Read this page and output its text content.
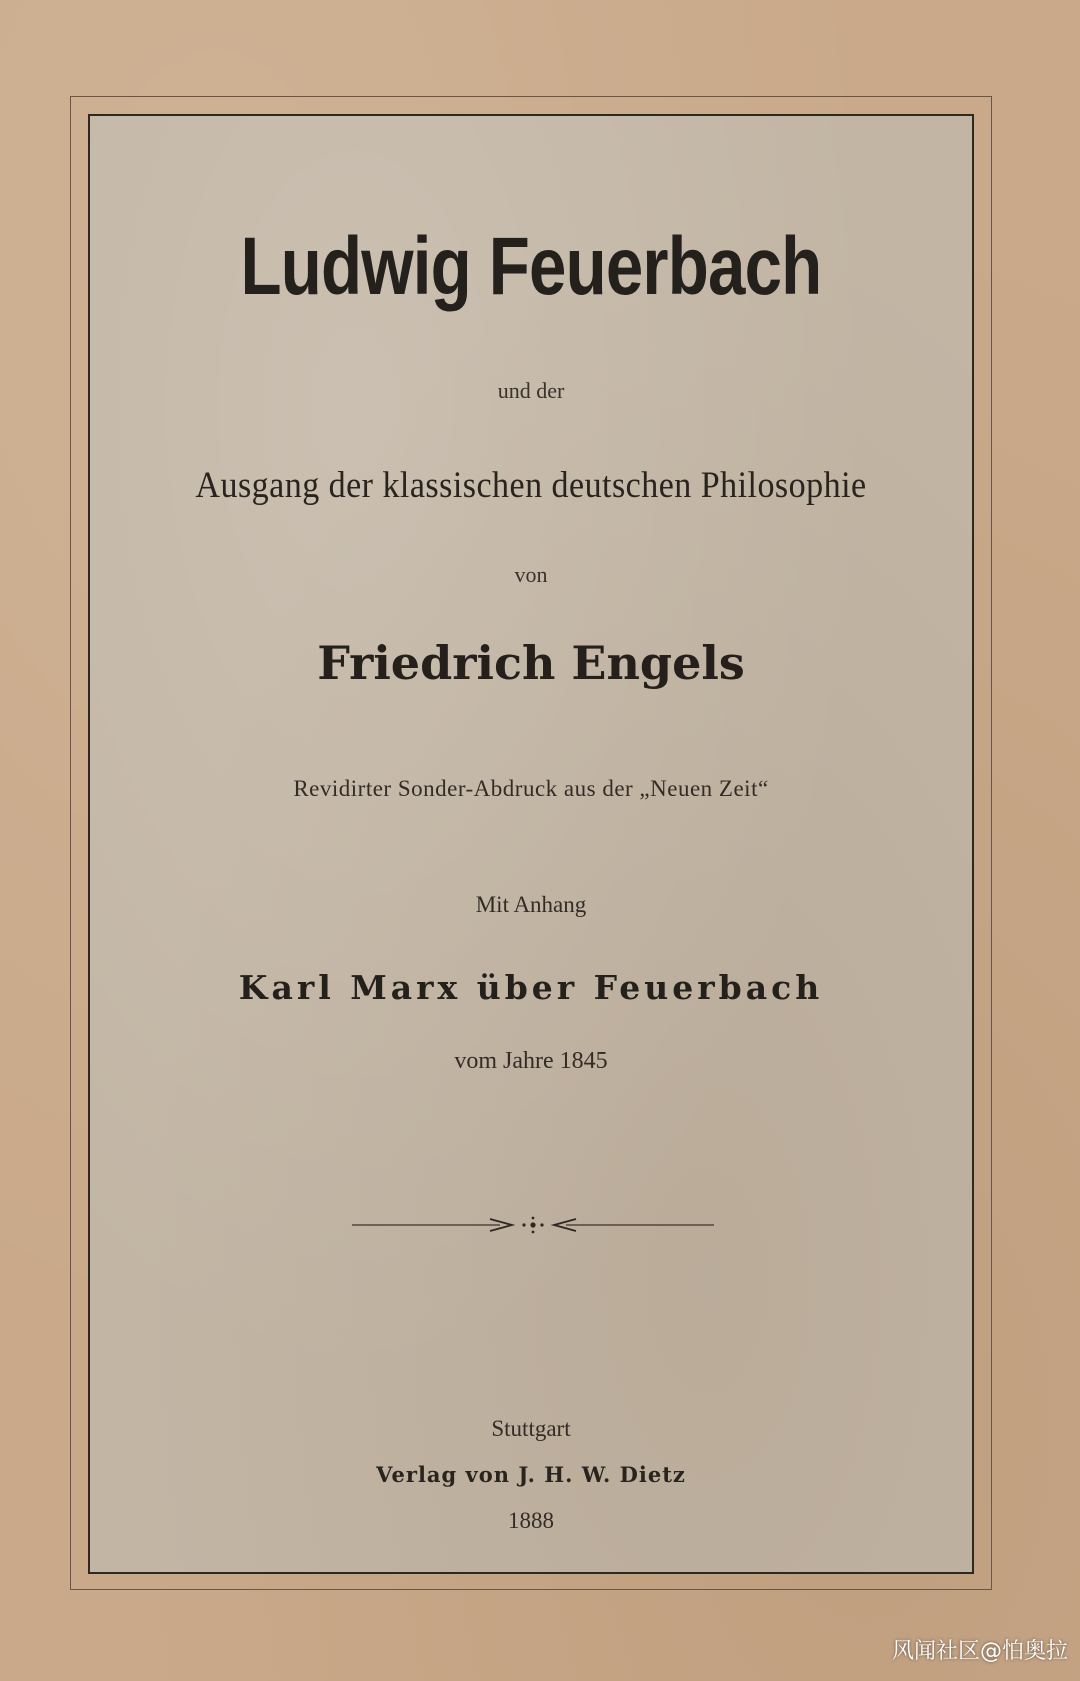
Ludwig Feuerbach
und der
Ausgang der klassischen deutschen Philosophie
von
Friedrich Engels
Revidirter Sonder-Abdruck aus der „Neuen Zeit“
Mit Anhang
Karl Marx über Feuerbach
vom Jahre 1845
Stuttgart
Verlag von J. H. W. Dietz
1888
风闻社区@怕奥拉
